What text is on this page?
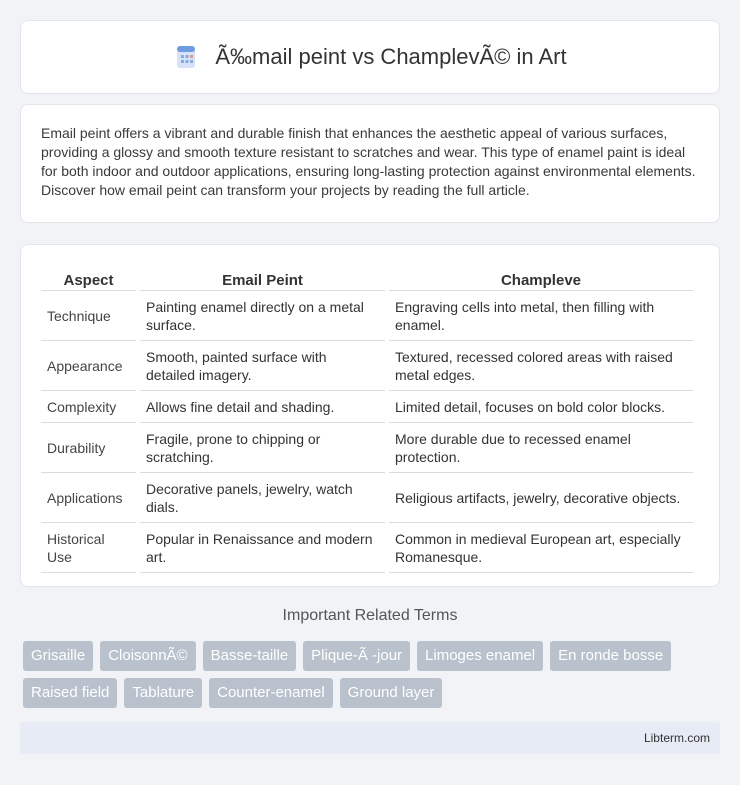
Ã‰mail peint vs ChamplevÃ© in Art

Email peint offers a vibrant and durable finish that enhances the aesthetic appeal of various surfaces, providing a glossy and smooth texture resistant to scratches and wear. This type of enamel paint is ideal for both indoor and outdoor applications, ensuring long-lasting protection against environmental elements. Discover how email peint can transform your projects by reading the full article.

Aspect	Email Peint	Champleve
Technique	Painting enamel directly on a metal surface.	Engraving cells into metal, then filling with enamel.
Appearance	Smooth, painted surface with detailed imagery.	Textured, recessed colored areas with raised metal edges.
Complexity	Allows fine detail and shading.	Limited detail, focuses on bold color blocks.
Durability	Fragile, prone to chipping or scratching.	More durable due to recessed enamel protection.
Applications	Decorative panels, jewelry, watch dials.	Religious artifacts, jewelry, decorative objects.
Historical Use	Popular in Renaissance and modern art.	Common in medieval European art, especially Romanesque.
Important Related Terms
Grisaille	CloisonnÃ©	Basse-taille	Plique-Ã -jour	Limoges enamel	En ronde bosse
Raised field	Tablature	Counter-enamel	Ground layer
Libterm.com
